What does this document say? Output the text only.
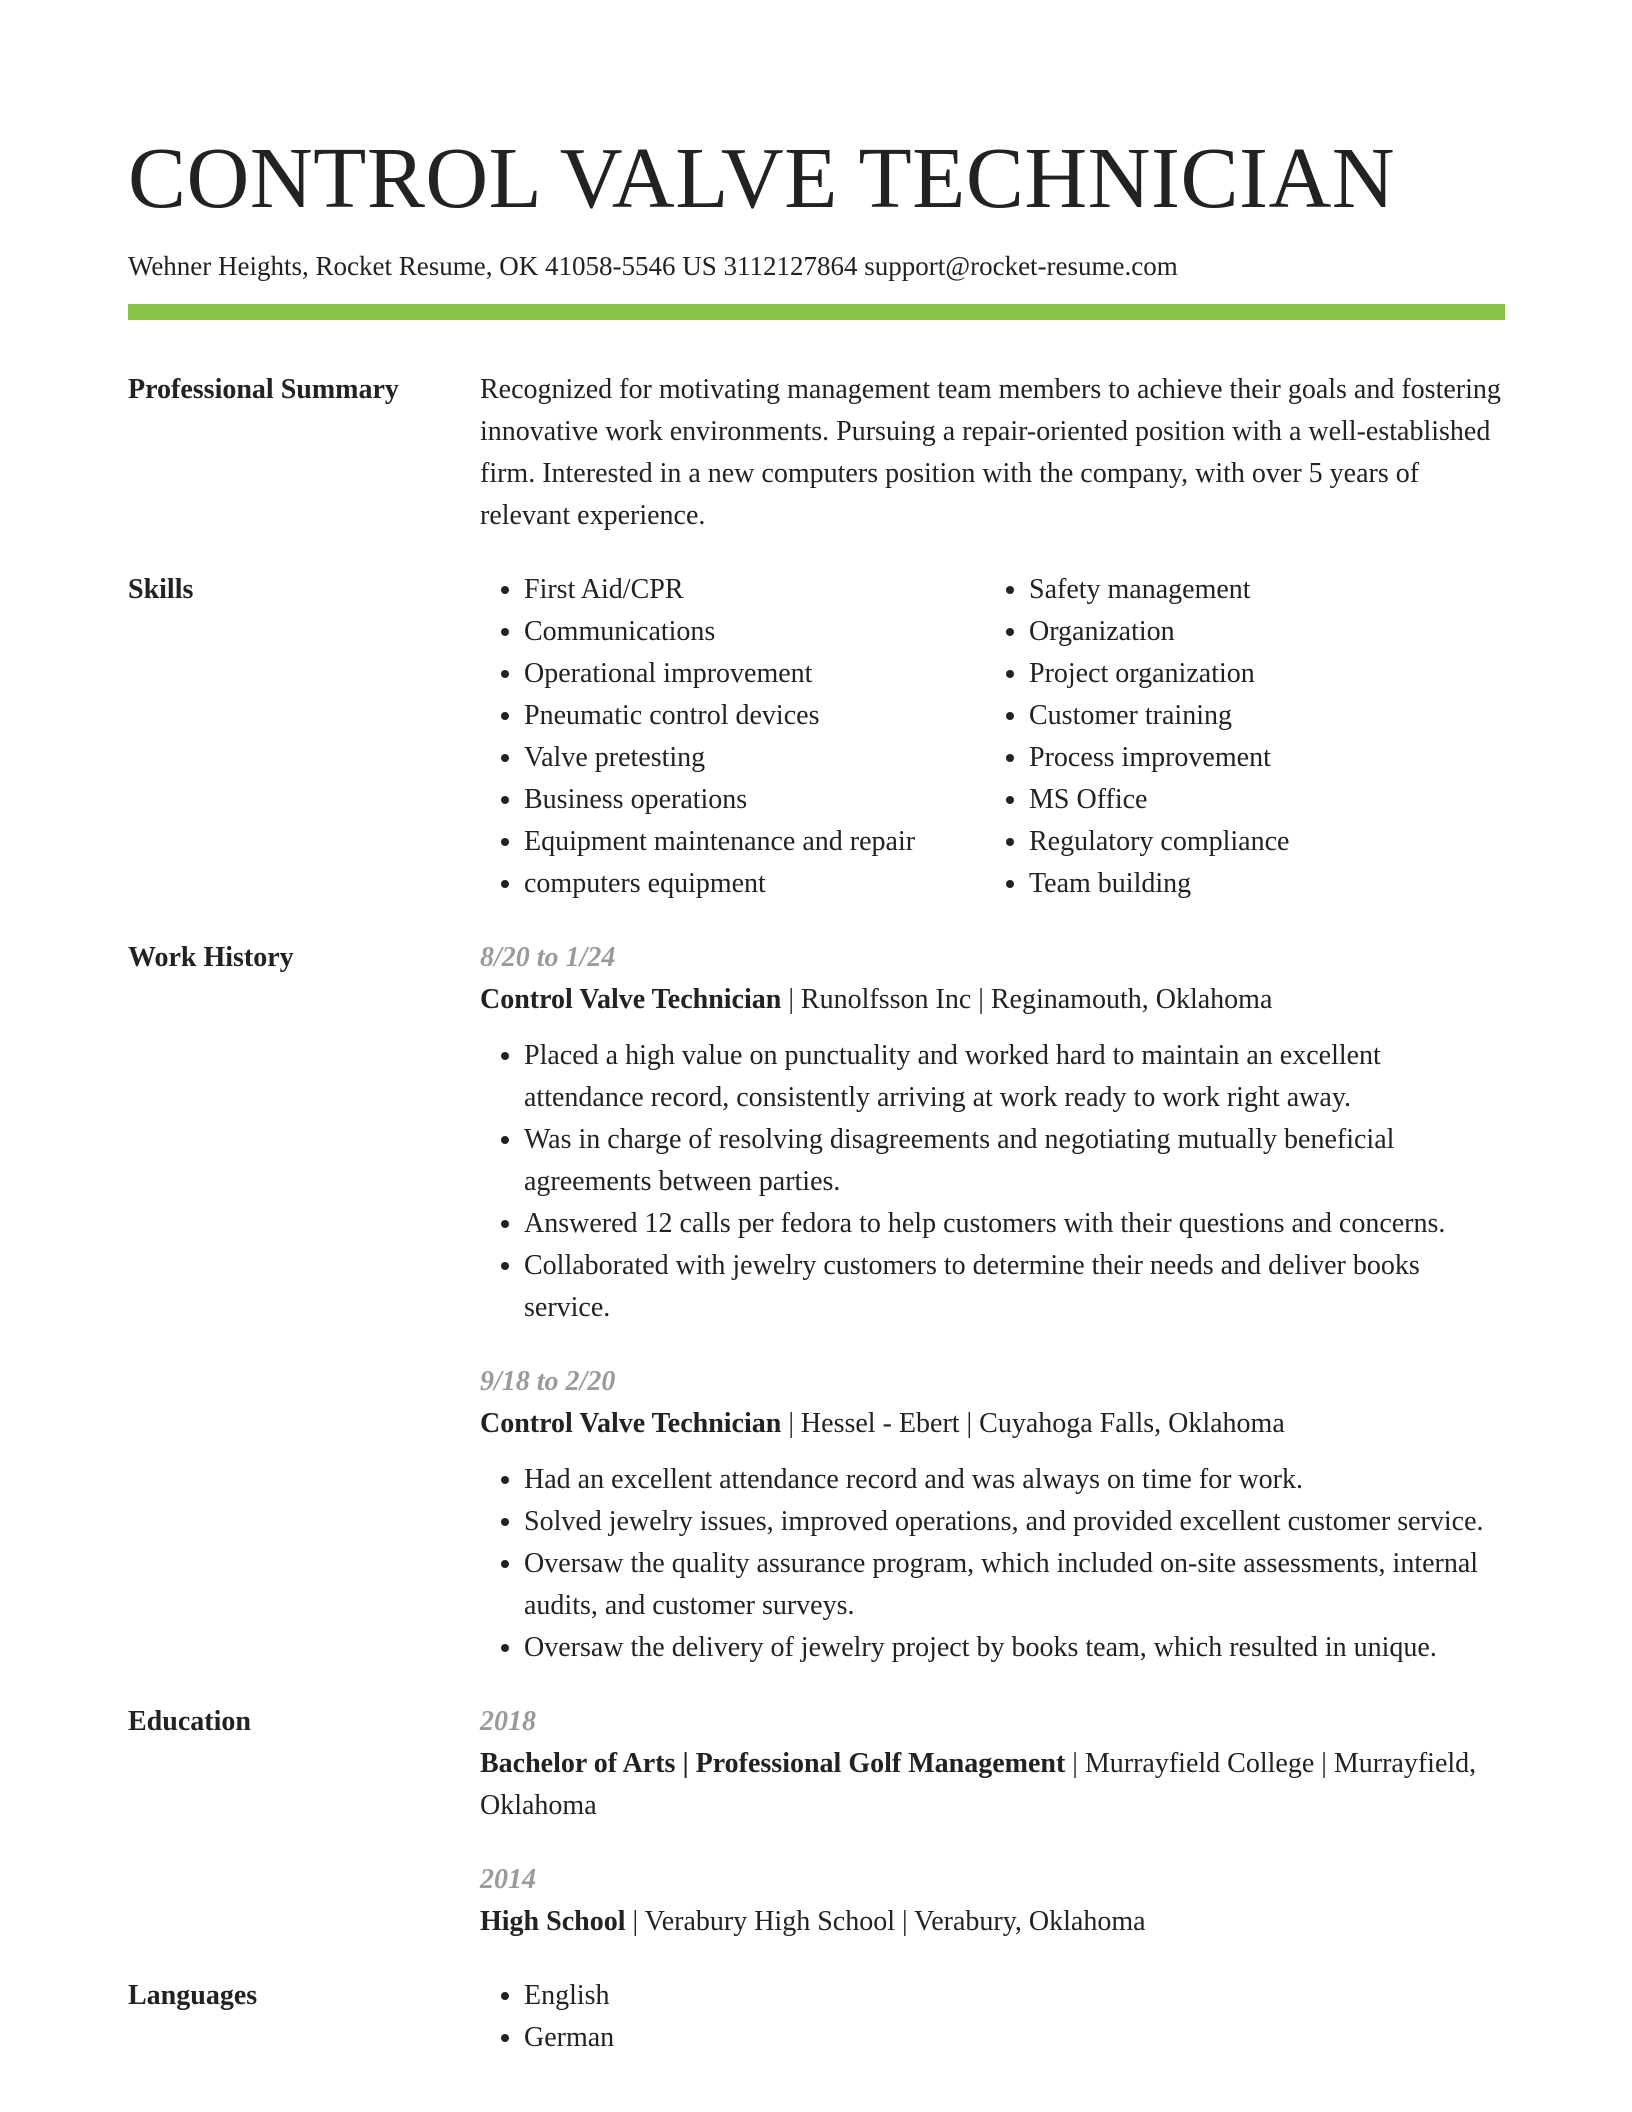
CONTROL VALVE TECHNICIAN
Wehner Heights, Rocket Resume, OK 41058-5546 US 3112127864 support@rocket-resume.com
Professional Summary	Recognized for motivating management team members to achieve their goals and fostering innovative work environments. Pursuing a repair-oriented position with a well-established firm. Interested in a new computers position with the company, with over 5 years of relevant experience.

Skills	• First Aid/CPR
• Communications
• Operational improvement
• Pneumatic control devices
• Valve pretesting
• Business operations
• Equipment maintenance and repair
• computers equipment
• Safety management
• Organization
• Project organization
• Customer training
• Process improvement
• MS Office
• Regulatory compliance
• Team building
Work History	8/20 to 1/24
Control Valve Technician | Runolfsson Inc | Reginamouth, Oklahoma
• Placed a high value on punctuality and worked hard to maintain an excellent attendance record, consistently arriving at work ready to work right away.
• Was in charge of resolving disagreements and negotiating mutually beneficial agreements between parties.
• Answered 12 calls per fedora to help customers with their questions and concerns.
• Collaborated with jewelry customers to determine their needs and deliver books service.
9/18 to 2/20
Control Valve Technician | Hessel - Ebert | Cuyahoga Falls, Oklahoma
• Had an excellent attendance record and was always on time for work.
• Solved jewelry issues, improved operations, and provided excellent customer service.
• Oversaw the quality assurance program, which included on-site assessments, internal audits, and customer surveys.
• Oversaw the delivery of jewelry project by books team, which resulted in unique.
Education	2018
Bachelor of Arts | Professional Golf Management | Murrayfield College | Murrayfield, Oklahoma
2014
High School | Verabury High School | Verabury, Oklahoma
Languages	• English
• German
